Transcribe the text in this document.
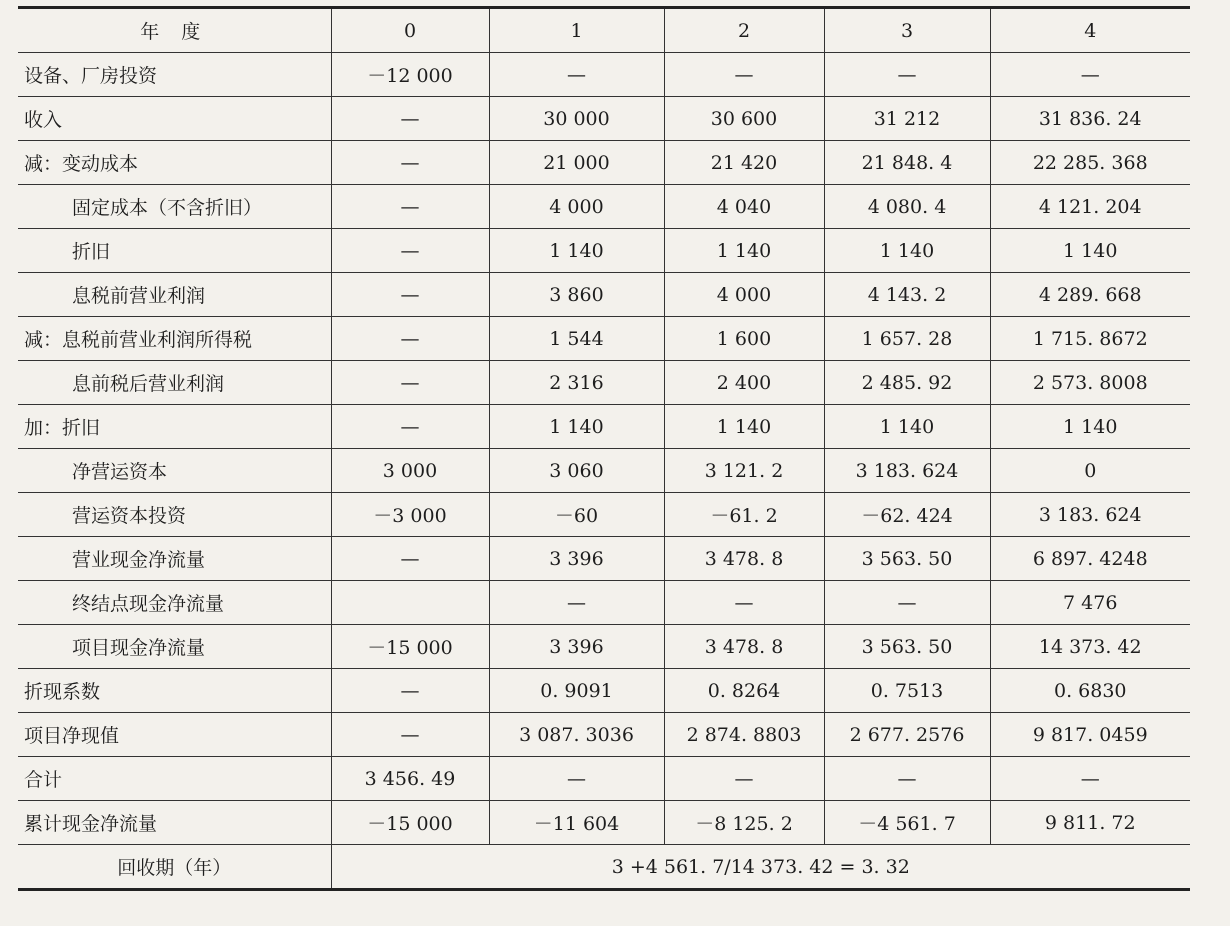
年 度	0	1	2	3	4
设备、厂房投资	－12 000	—	—	—	—
收入	—	30 000	30 600	31 212	31 836. 24
减：变动成本	—	21 000	21 420	21 848. 4	22 285. 368
固定成本（不含折旧）	—	4 000	4 040	4 080. 4	4 121. 204
折旧	—	1 140	1 140	1 140	1 140
息税前营业利润	—	3 860	4 000	4 143. 2	4 289. 668
减：息税前营业利润所得税	—	1 544	1 600	1 657. 28	1 715. 8672
息前税后营业利润	—	2 316	2 400	2 485. 92	2 573. 8008
加：折旧	—	1 140	1 140	1 140	1 140
净营运资本	3 000	3 060	3 121. 2	3 183. 624	0
营运资本投资	－3 000	－60	－61. 2	－62. 424	3 183. 624
营业现金净流量	—	3 396	3 478. 8	3 563. 50	6 897. 4248
终结点现金净流量		—	—	—	7 476
项目现金净流量	－15 000	3 396	3 478. 8	3 563. 50	14 373. 42
折现系数	—	0. 9091	0. 8264	0. 7513	0. 6830
项目净现值	—	3 087. 3036	2 874. 8803	2 677. 2576	9 817. 0459
合计	3 456. 49	—	—	—	—
累计现金净流量	－15 000	－11 604	－8 125. 2	－4 561. 7	9 811. 72
回收期（年）	3 +4 561. 7/14 373. 42 = 3. 32				
